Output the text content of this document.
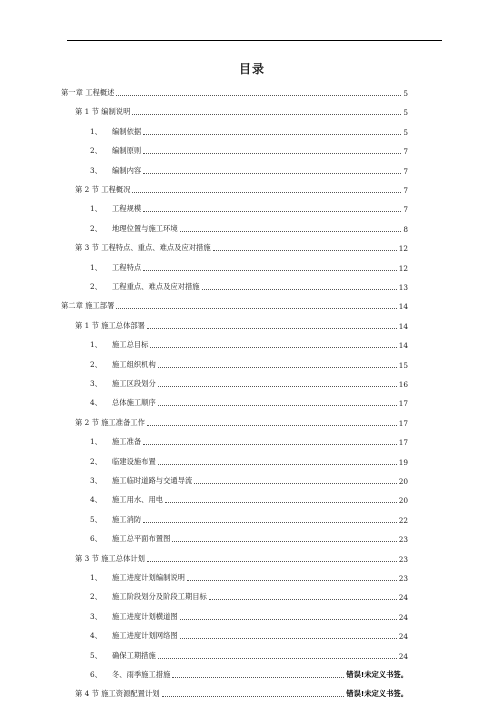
目录
第一章 工程概述	5
第 1 节 编制说明	5
1、	编制依据	5
2、	编制原则	7
3、	编制内容	7
第 2 节 工程概况	7
1、	工程规模	7
2、	地理位置与施工环境	8
第 3 节 工程特点、重点、难点及应对措施	12
1、	工程特点	12
2、	工程重点、难点及应对措施	13
第二章 施工部署	14
第 1 节 施工总体部署	14
1、	施工总目标	14
2、	施工组织机构	15
3、	施工区段划分	16
4、	总体施工顺序	17
第 2 节 施工准备工作	17
1、	施工准备	17
2、	临建设施布置	19
3、	施工临时道路与交通导流	20
4、	施工用水、用电	20
5、	施工消防	22
6、	施工总平面布置图	23
第 3 节 施工总体计划	23
1、	施工进度计划编制说明	23
2、	施工阶段划分及阶段工期目标	24
3、	施工进度计划横道图	24
4、	施工进度计划网络图	24
5、	确保工期措施	24
6、	冬、雨季施工措施	错误!未定义书签。
第 4 节 施工资源配置计划	错误!未定义书签。
